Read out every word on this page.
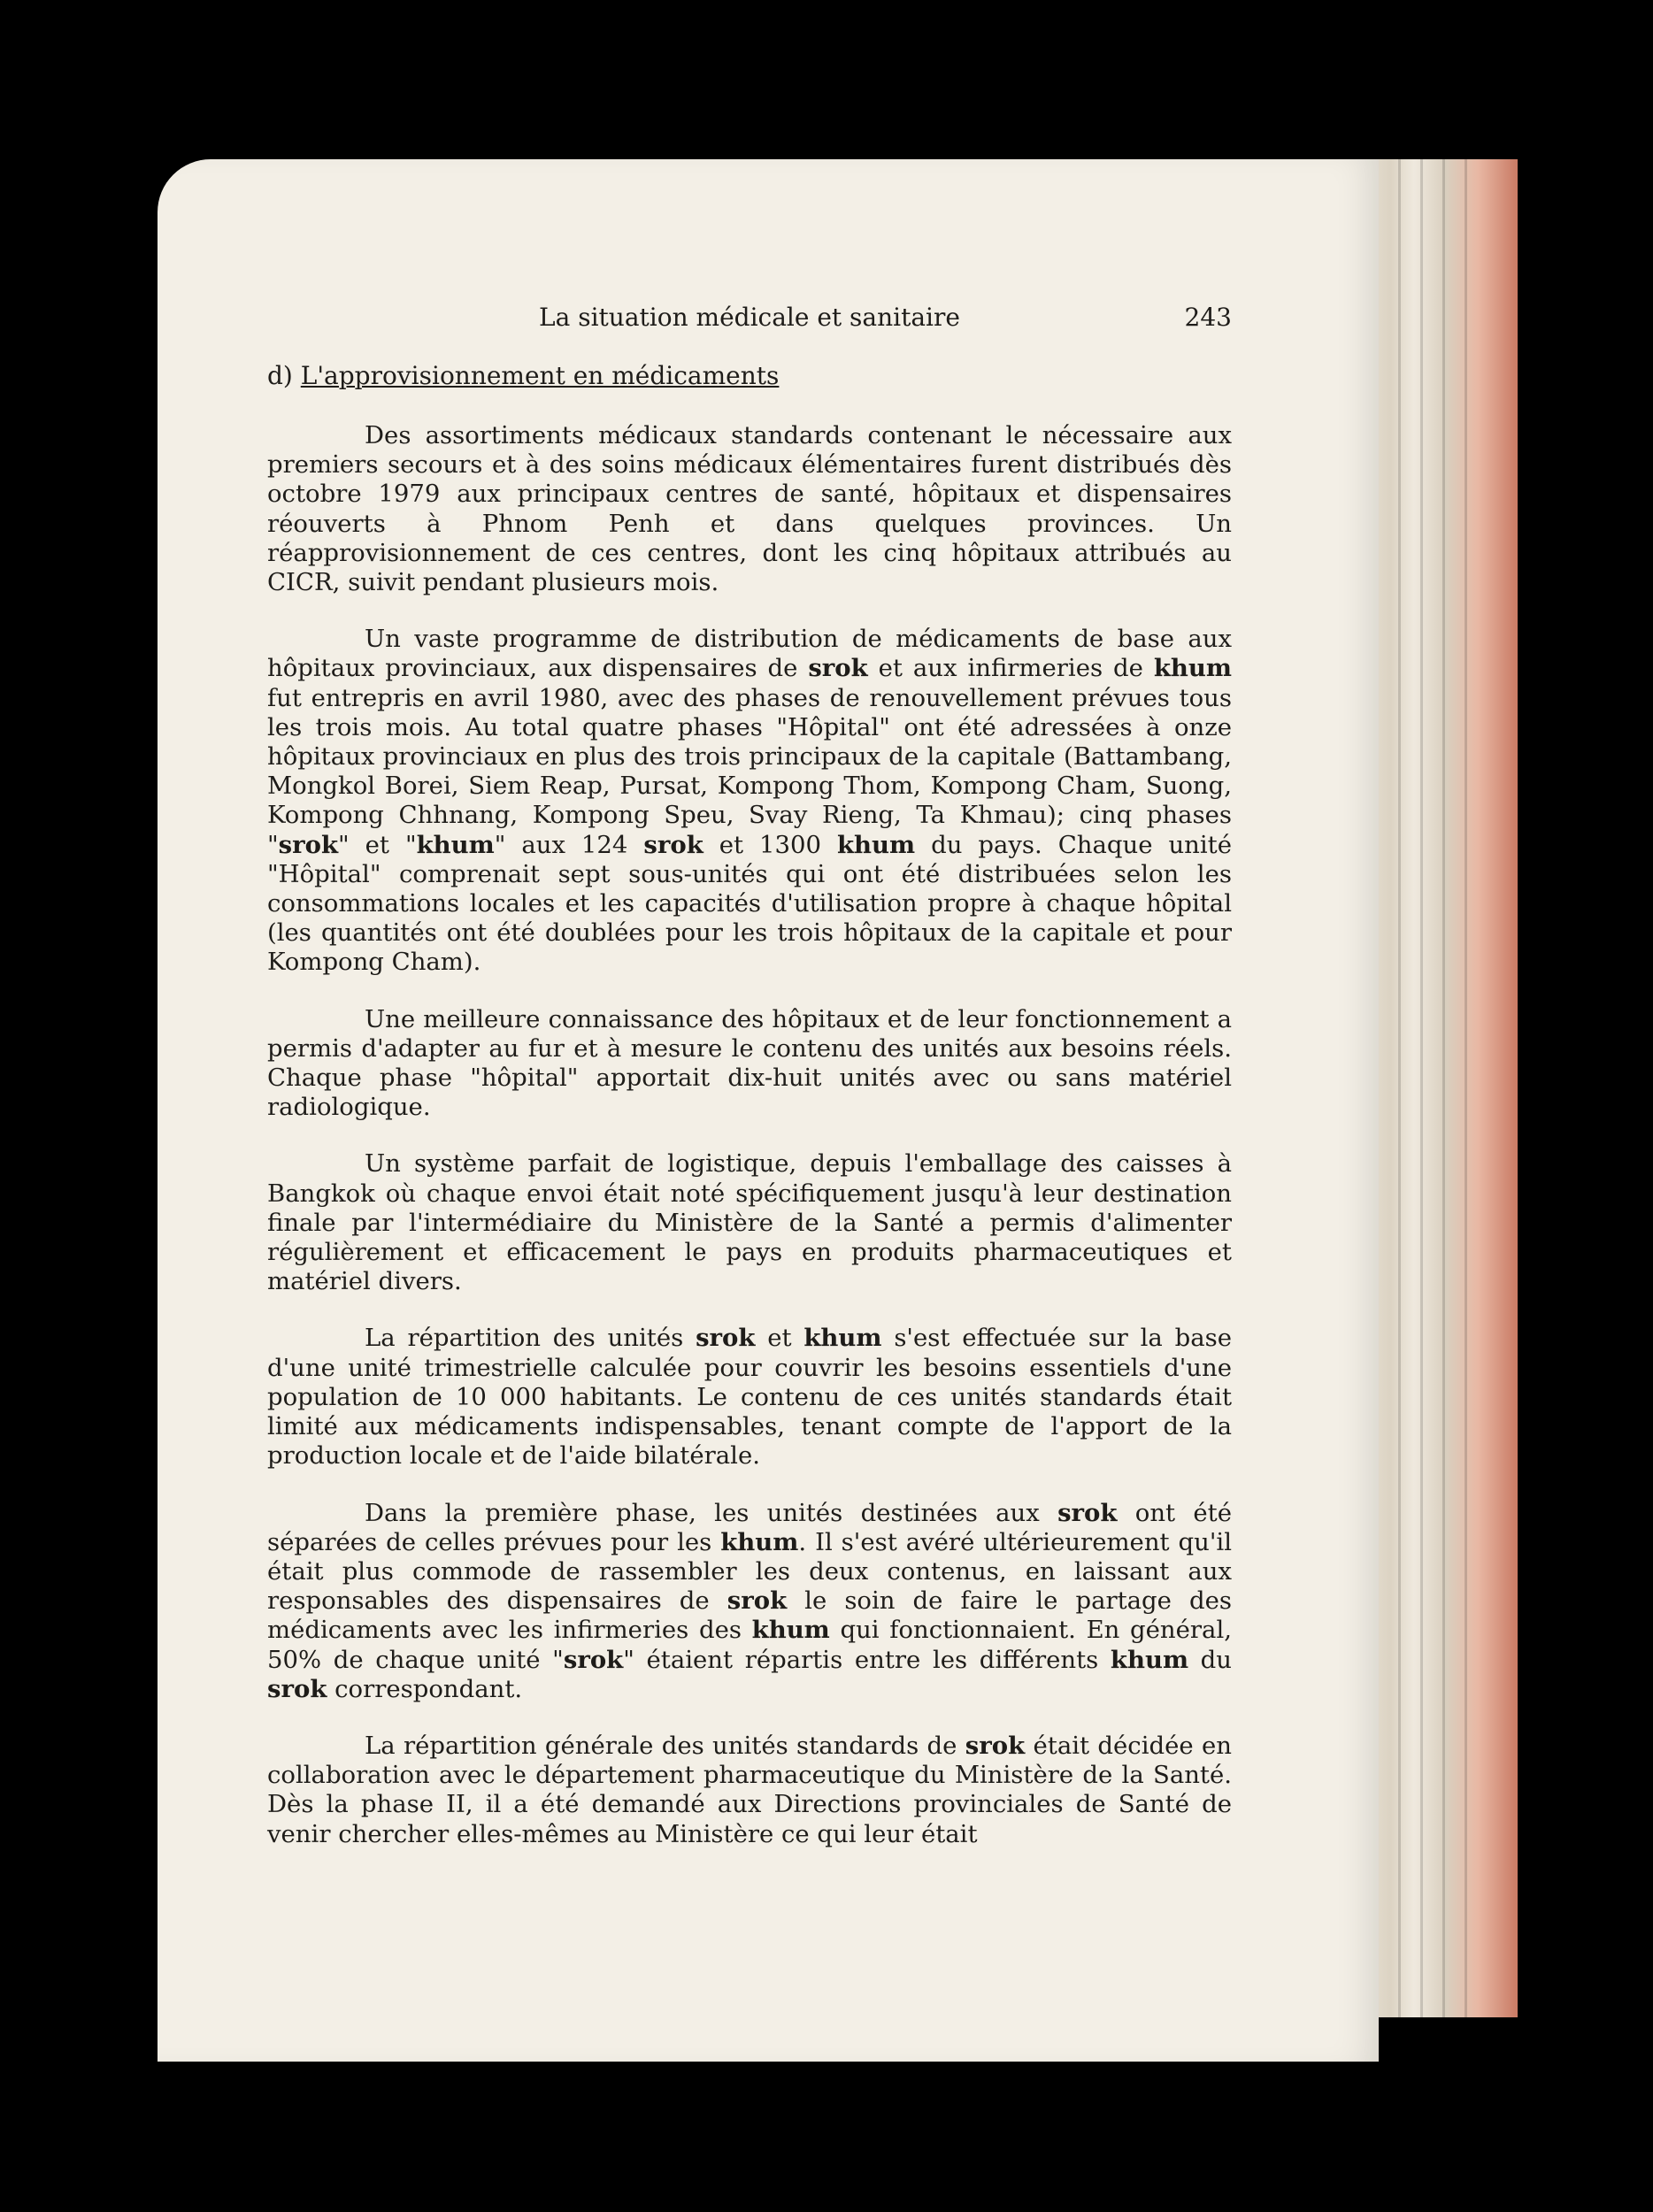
La situation médicale et sanitaire	243
d) L'approvisionnement en médicaments

Des assortiments médicaux standards contenant le nécessaire aux premiers secours et à des soins médicaux élémentaires furent distribués dès octobre 1979 aux principaux centres de santé, hôpitaux et dispensaires réouverts à Phnom Penh et dans quelques provinces. Un réapprovisionnement de ces centres, dont les cinq hôpitaux attribués au CICR, suivit pendant plusieurs mois.

Un vaste programme de distribution de médicaments de base aux hôpitaux provinciaux, aux dispensaires de srok et aux infirmeries de khum fut entrepris en avril 1980, avec des phases de renouvellement prévues tous les trois mois. Au total quatre phases "Hôpital" ont été adressées à onze hôpitaux provinciaux en plus des trois principaux de la capitale (Battambang, Mongkol Borei, Siem Reap, Pursat, Kompong Thom, Kompong Cham, Suong, Kompong Chhnang, Kompong Speu, Svay Rieng, Ta Khmau); cinq phases "srok" et "khum" aux 124 srok et 1300 khum du pays. Chaque unité "Hôpital" comprenait sept sous-unités qui ont été distribuées selon les consommations locales et les capacités d'utilisation propre à chaque hôpital (les quantités ont été doublées pour les trois hôpitaux de la capitale et pour Kompong Cham).

Une meilleure connaissance des hôpitaux et de leur fonctionnement a permis d'adapter au fur et à mesure le contenu des unités aux besoins réels. Chaque phase "hôpital" apportait dix-huit unités avec ou sans matériel radiologique.

Un système parfait de logistique, depuis l'emballage des caisses à Bangkok où chaque envoi était noté spécifiquement jusqu'à leur destination finale par l'intermédiaire du Ministère de la Santé a permis d'alimenter régulièrement et efficacement le pays en produits pharmaceutiques et matériel divers.

La répartition des unités srok et khum s'est effectuée sur la base d'une unité trimestrielle calculée pour couvrir les besoins essentiels d'une population de 10 000 habitants. Le contenu de ces unités standards était limité aux médicaments indispensables, tenant compte de l'apport de la production locale et de l'aide bilatérale.

Dans la première phase, les unités destinées aux srok ont été séparées de celles prévues pour les khum. Il s'est avéré ultérieurement qu'il était plus commode de rassembler les deux contenus, en laissant aux responsables des dispensaires de srok le soin de faire le partage des médicaments avec les infirmeries des khum qui fonctionnaient. En général, 50% de chaque unité "srok" étaient répartis entre les différents khum du srok correspondant.

La répartition générale des unités standards de srok était décidée en collaboration avec le département pharmaceutique du Ministère de la Santé. Dès la phase II, il a été demandé aux Directions provinciales de Santé de venir chercher elles-mêmes au Ministère ce qui leur était
